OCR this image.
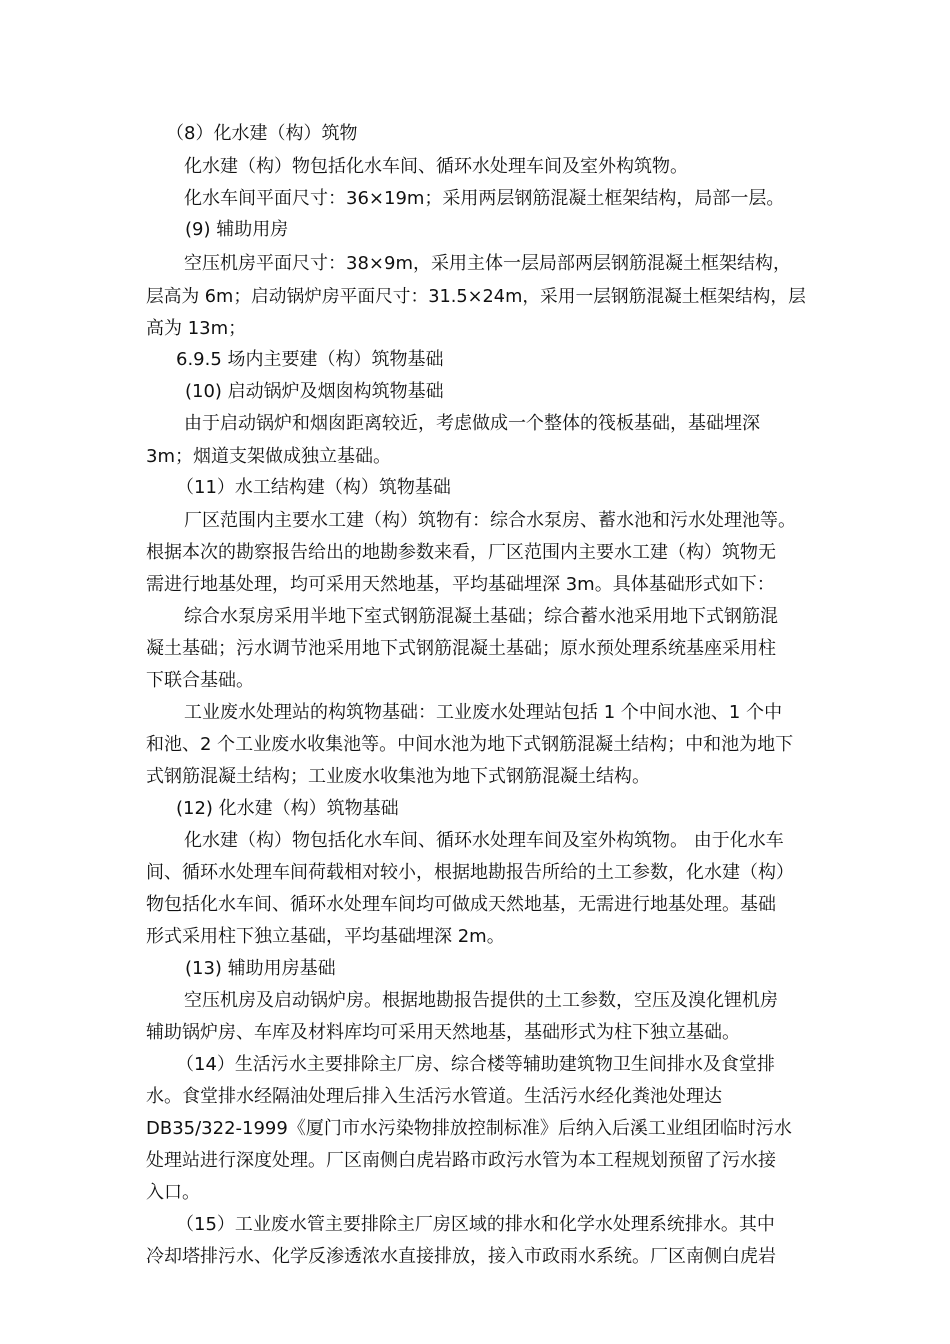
（8）化水建（构）筑物
化水建（构）物包括化水车间、循环水处理车间及室外构筑物。
化水车间平面尺寸：36×19m；采用两层钢筋混凝土框架结构，局部一层。
(9) 辅助用房
空压机房平面尺寸：38×9m，采用主体一层局部两层钢筋混凝土框架结构，
层高为 6m；启动锅炉房平面尺寸：31.5×24m，采用一层钢筋混凝土框架结构，层
高为 13m；
6.9.5 场内主要建（构）筑物基础
(10) 启动锅炉及烟囱构筑物基础
由于启动锅炉和烟囱距离较近，考虑做成一个整体的筏板基础，基础埋深
3m；烟道支架做成独立基础。
（11）水工结构建（构）筑物基础
厂区范围内主要水工建（构）筑物有：综合水泵房、蓄水池和污水处理池等。
根据本次的勘察报告给出的地勘参数来看，厂区范围内主要水工建（构）筑物无
需进行地基处理，均可采用天然地基，平均基础埋深 3m。具体基础形式如下：
综合水泵房采用半地下室式钢筋混凝土基础；综合蓄水池采用地下式钢筋混
凝土基础；污水调节池采用地下式钢筋混凝土基础；原水预处理系统基座采用柱
下联合基础。
工业废水处理站的构筑物基础：工业废水处理站包括 1 个中间水池、1 个中
和池、2 个工业废水收集池等。中间水池为地下式钢筋混凝土结构；中和池为地下
式钢筋混凝土结构；工业废水收集池为地下式钢筋混凝土结构。
(12) 化水建（构）筑物基础
化水建（构）物包括化水车间、循环水处理车间及室外构筑物。 由于化水车
间、循环水处理车间荷载相对较小，根据地勘报告所给的土工参数，化水建（构）
物包括化水车间、循环水处理车间均可做成天然地基，无需进行地基处理。基础
形式采用柱下独立基础，平均基础埋深 2m。
(13) 辅助用房基础
空压机房及启动锅炉房。根据地勘报告提供的土工参数，空压及溴化锂机房
辅助锅炉房、车库及材料库均可采用天然地基，基础形式为柱下独立基础。
（14）生活污水主要排除主厂房、综合楼等辅助建筑物卫生间排水及食堂排
水。食堂排水经隔油处理后排入生活污水管道。生活污水经化粪池处理达
DB35/322-1999《厦门市水污染物排放控制标准》后纳入后溪工业组团临时污水
处理站进行深度处理。厂区南侧白虎岩路市政污水管为本工程规划预留了污水接
入口。
（15）工业废水管主要排除主厂房区域的排水和化学水处理系统排水。其中
冷却塔排污水、化学反渗透浓水直接排放，接入市政雨水系统。厂区南侧白虎岩
